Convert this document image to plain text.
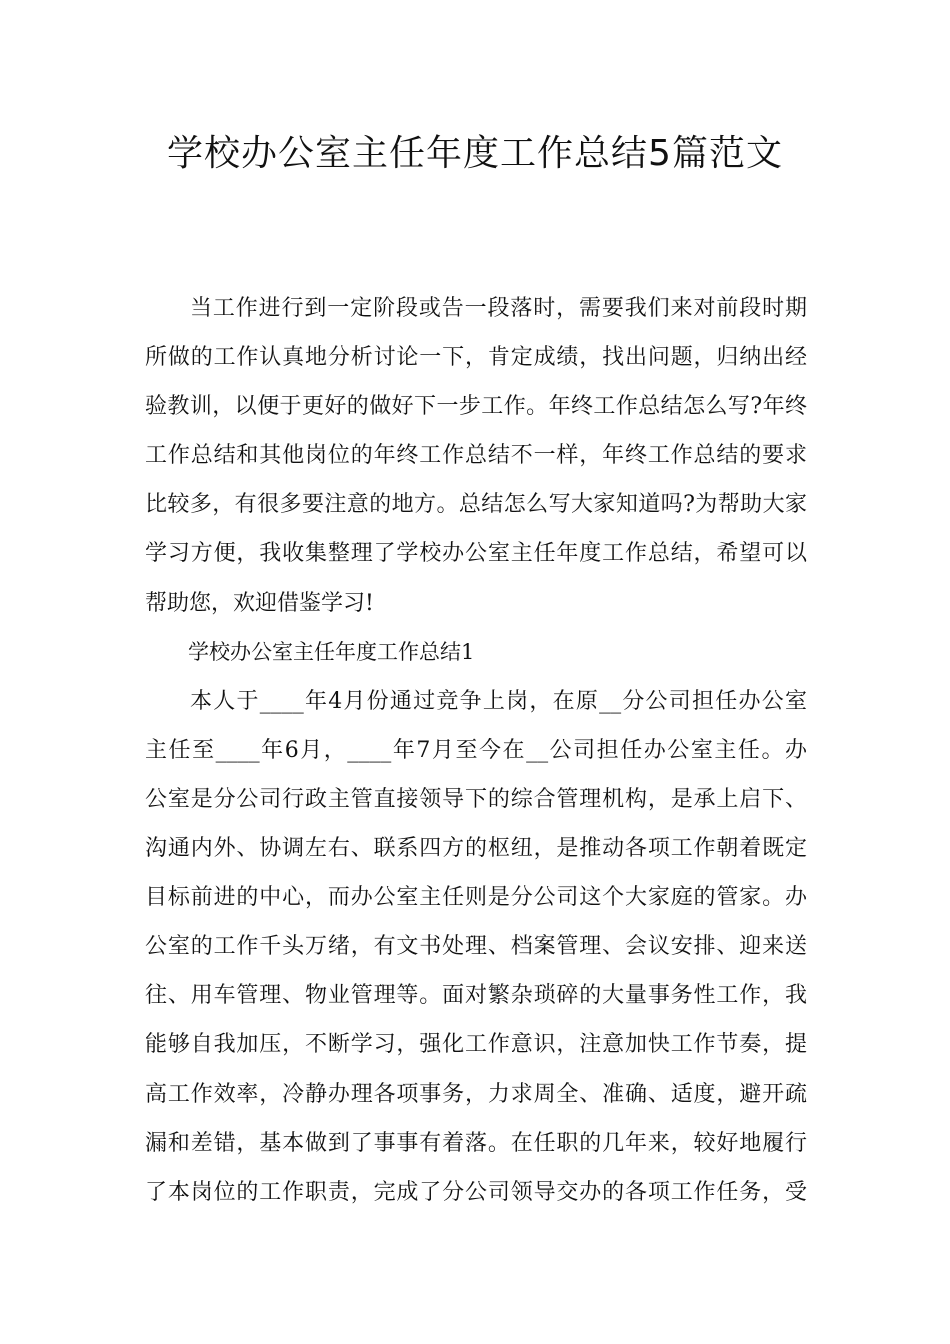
学校办公室主任年度工作总结5篇范文
当工作进行到一定阶段或告一段落时，需要我们来对前段时期
所做的工作认真地分析讨论一下，肯定成绩，找出问题，归纳出经
验教训，以便于更好的做好下一步工作。年终工作总结怎么写?年终
工作总结和其他岗位的年终工作总结不一样，年终工作总结的要求
比较多，有很多要注意的地方。总结怎么写大家知道吗?为帮助大家
学习方便，我收集整理了学校办公室主任年度工作总结，希望可以
帮助您，欢迎借鉴学习!
学校办公室主任年度工作总结1
本人于____年4月份通过竞争上岗，在原__分公司担任办公室
主任至____年6月，____年7月至今在__公司担任办公室主任。办
公室是分公司行政主管直接领导下的综合管理机构，是承上启下、
沟通内外、协调左右、联系四方的枢纽，是推动各项工作朝着既定
目标前进的中心，而办公室主任则是分公司这个大家庭的管家。办
公室的工作千头万绪，有文书处理、档案管理、会议安排、迎来送
往、用车管理、物业管理等。面对繁杂琐碎的大量事务性工作，我
能够自我加压，不断学习，强化工作意识，注意加快工作节奏，提
高工作效率，冷静办理各项事务，力求周全、准确、适度，避开疏
漏和差错，基本做到了事事有着落。在任职的几年来，较好地履行
了本岗位的工作职责，完成了分公司领导交办的各项工作任务，受
